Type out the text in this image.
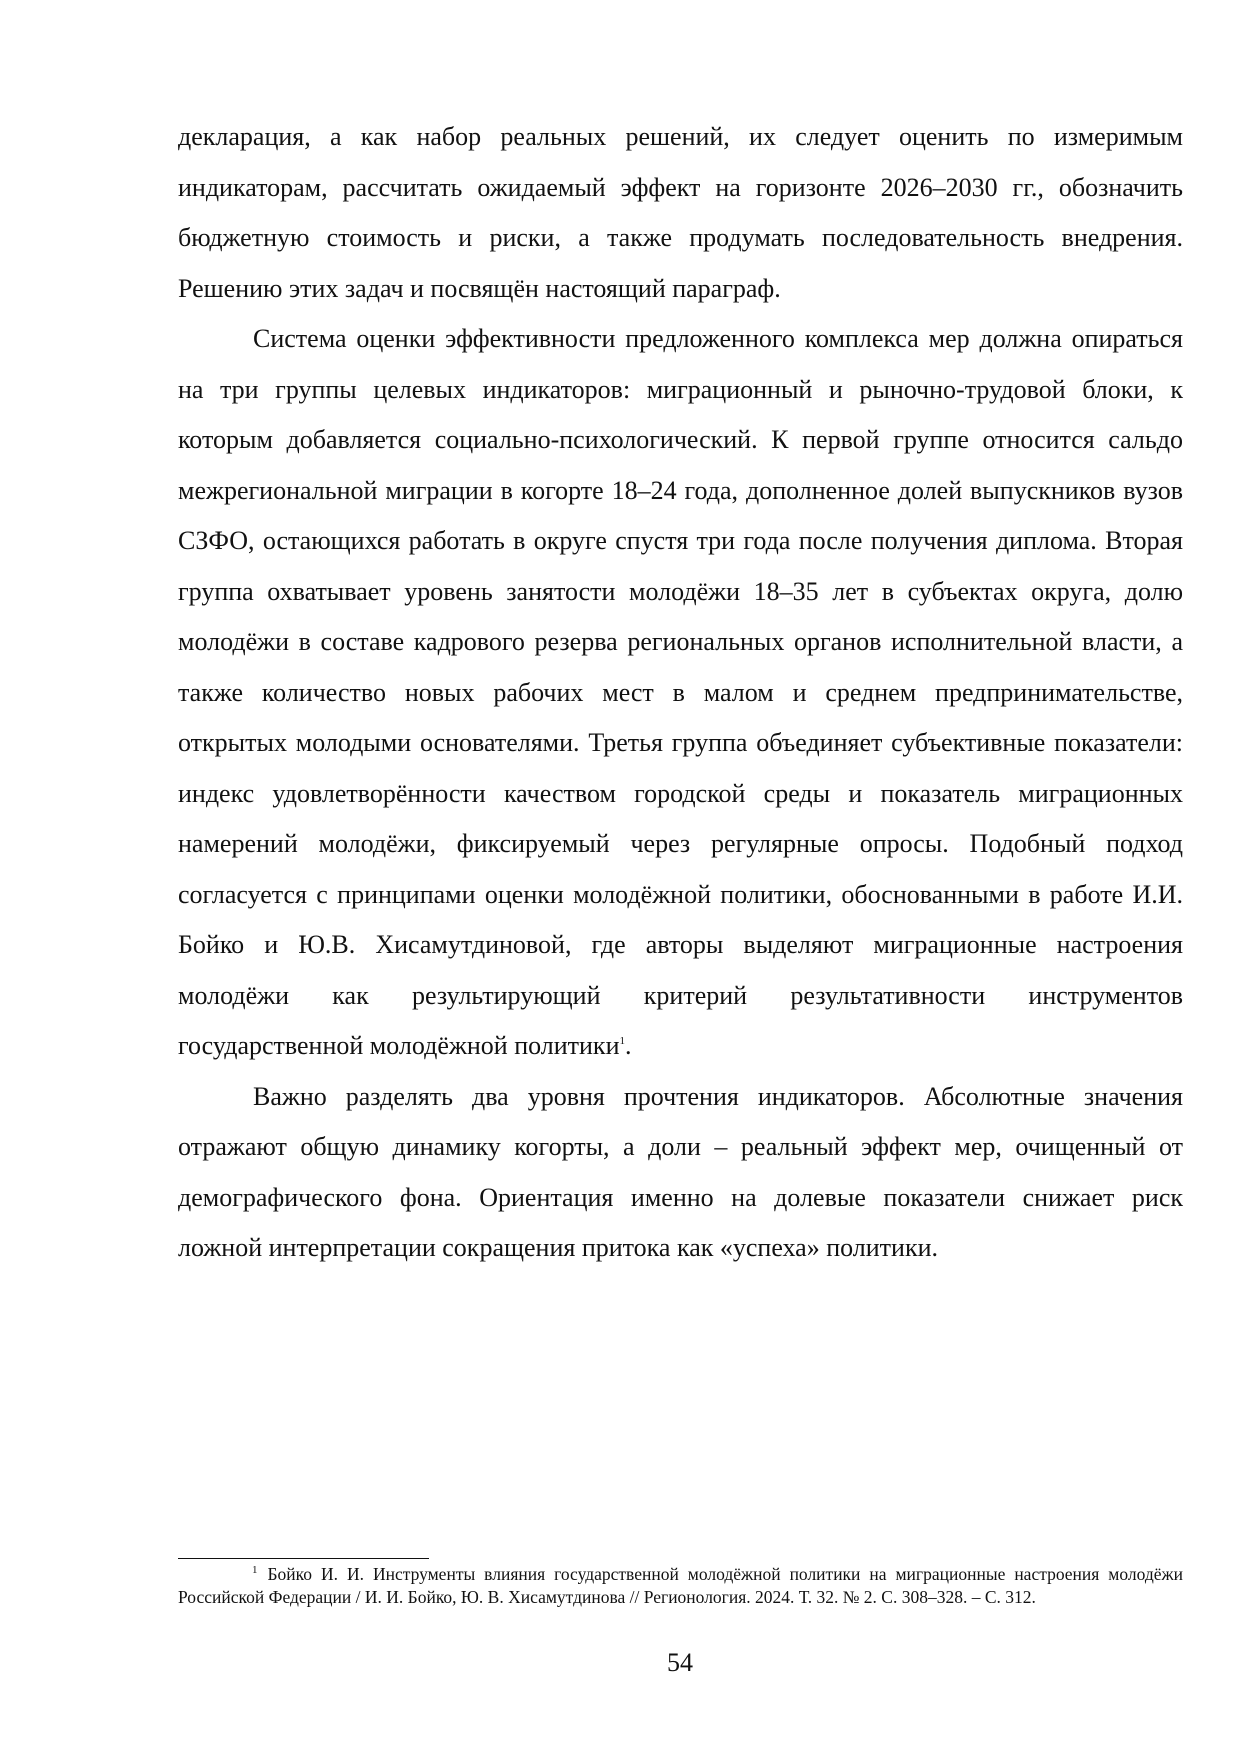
декларация, а как набор реальных решений, их следует оценить по измеримым индикаторам, рассчитать ожидаемый эффект на горизонте 2026–2030 гг., обозначить бюджетную стоимость и риски, а также продумать последовательность внедрения. Решению этих задач и посвящён настоящий параграф.

Система оценки эффективности предложенного комплекса мер должна опираться на три группы целевых индикаторов: миграционный и рыночно-трудовой блоки, к которым добавляется социально-психологический. К первой группе относится сальдо межрегиональной миграции в когорте 18–24 года, дополненное долей выпускников вузов СЗФО, остающихся работать в округе спустя три года после получения диплома. Вторая группа охватывает уровень занятости молодёжи 18–35 лет в субъектах округа, долю молодёжи в составе кадрового резерва региональных органов исполнительной власти, а также количество новых рабочих мест в малом и среднем предпринимательстве, открытых молодыми основателями. Третья группа объединяет субъективные показатели: индекс удовлетворённости качеством городской среды и показатель миграционных намерений молодёжи, фиксируемый через регулярные опросы. Подобный подход согласуется с принципами оценки молодёжной политики, обоснованными в работе И.И. Бойко и Ю.В. Хисамутдиновой, где авторы выделяют миграционные настроения молодёжи как результирующий критерий результативности инструментов государственной молодёжной политики$^1$.

Важно разделять два уровня прочтения индикаторов. Абсолютные значения отражают общую динамику когорты, а доли – реальный эффект мер, очищенный от демографического фона. Ориентация именно на долевые показатели снижает риск ложной интерпретации сокращения притока как «успеха» политики.

$^1$ Бойко И. И. Инструменты влияния государственной молодёжной политики на миграционные настроения молодёжи Российской Федерации / И. И. Бойко, Ю. В. Хисамутдинова // Регионология. 2024. Т. 32. № 2. С. 308–328. – С. 312.

54
